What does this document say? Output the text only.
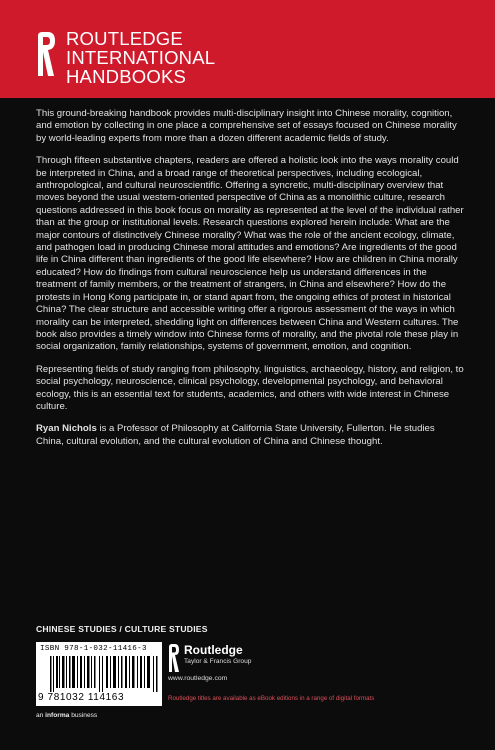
ROUTLEDGE
INTERNATIONAL
HANDBOOKS

This ground-breaking handbook provides multi-disciplinary insight into Chinese morality, cognition, and emotion by collecting in one place a comprehensive set of essays focused on Chinese morality by world-leading experts from more than a dozen different academic fields of study.

Through fifteen substantive chapters, readers are offered a holistic look into the ways morality could be interpreted in China, and a broad range of theoretical perspectives, including ecological, anthropological, and cultural neuroscientific. Offering a syncretic, multi-disciplinary overview that moves beyond the usual western-oriented perspective of China as a monolithic culture, research questions addressed in this book focus on morality as represented at the level of the individual rather than at the group or institutional levels. Research questions explored herein include: What are the major contours of distinctively Chinese morality? What was the role of the ancient ecology, climate, and pathogen load in producing Chinese moral attitudes and emotions? Are ingredients of the good life in China different than ingredients of the good life elsewhere? How are children in China morally educated? How do findings from cultural neuroscience help us understand differences in the treatment of family members, or the treatment of strangers, in China and elsewhere? How do the protests in Hong Kong participate in, or stand apart from, the ongoing ethics of protest in historical China? The clear structure and accessible writing offer a rigorous assessment of the ways in which morality can be interpreted, shedding light on differences between China and Western cultures. The book also provides a timely window into Chinese forms of morality, and the pivotal role these play in social organization, family relationships, systems of government, emotion, and cognition.

Representing fields of study ranging from philosophy, linguistics, archaeology, history, and religion, to social psychology, neuroscience, clinical psychology, developmental psychology, and behavioral ecology, this is an essential text for students, academics, and others with wide interest in Chinese culture.

Ryan Nichols is a Professor of Philosophy at California State University, Fullerton. He studies China, cultural evolution, and the cultural evolution of China and Chinese thought.

CHINESE STUDIES / CULTURE STUDIES
ISBN 978-1-032-11416-3
9 781032 114163
Routledge
Taylor & Francis Group
www.routledge.com
Routledge titles are available as eBook editions in a range of digital formats
an informa business
